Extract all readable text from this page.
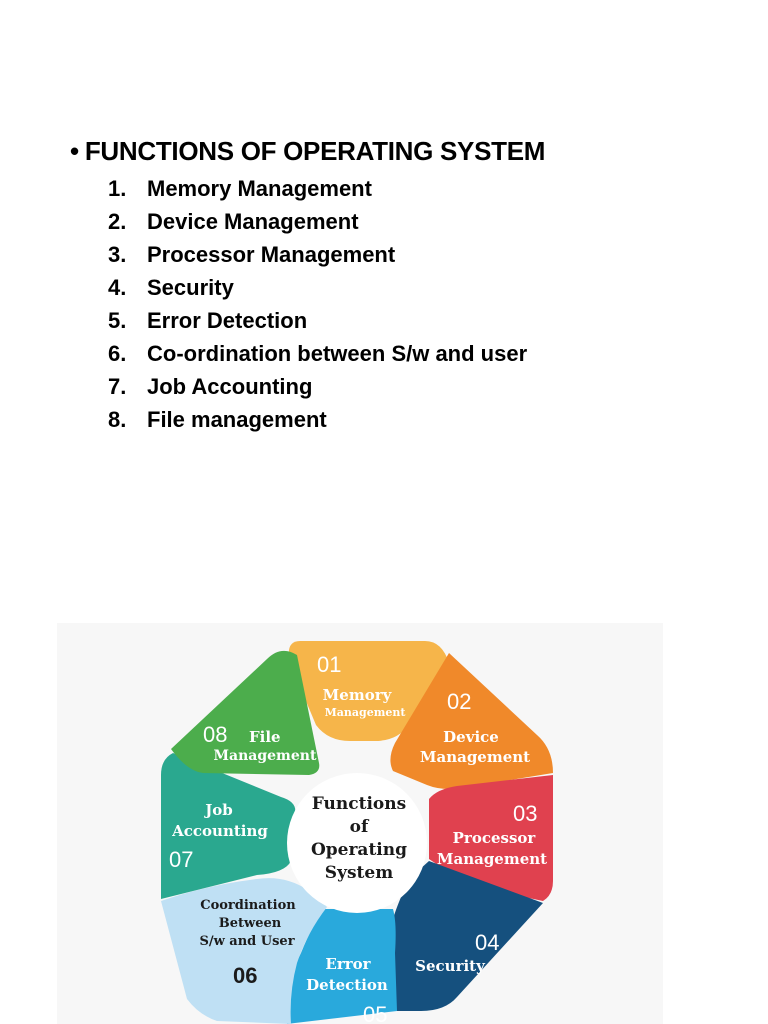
• FUNCTIONS OF OPERATING SYSTEM
1. Memory Management
2. Device Management
3. Processor Management
4. Security
5. Error Detection
6. Co-ordination between S/w and user
7. Job Accounting
8. File management
Functions
of
Operating
System
01
Memory
Management 02
Device
Management
03
Processor
Management
04
Security
Error
Detection
05
Coordination
Between
S/w and User
06
Job
Accounting
07
08 File
Management
